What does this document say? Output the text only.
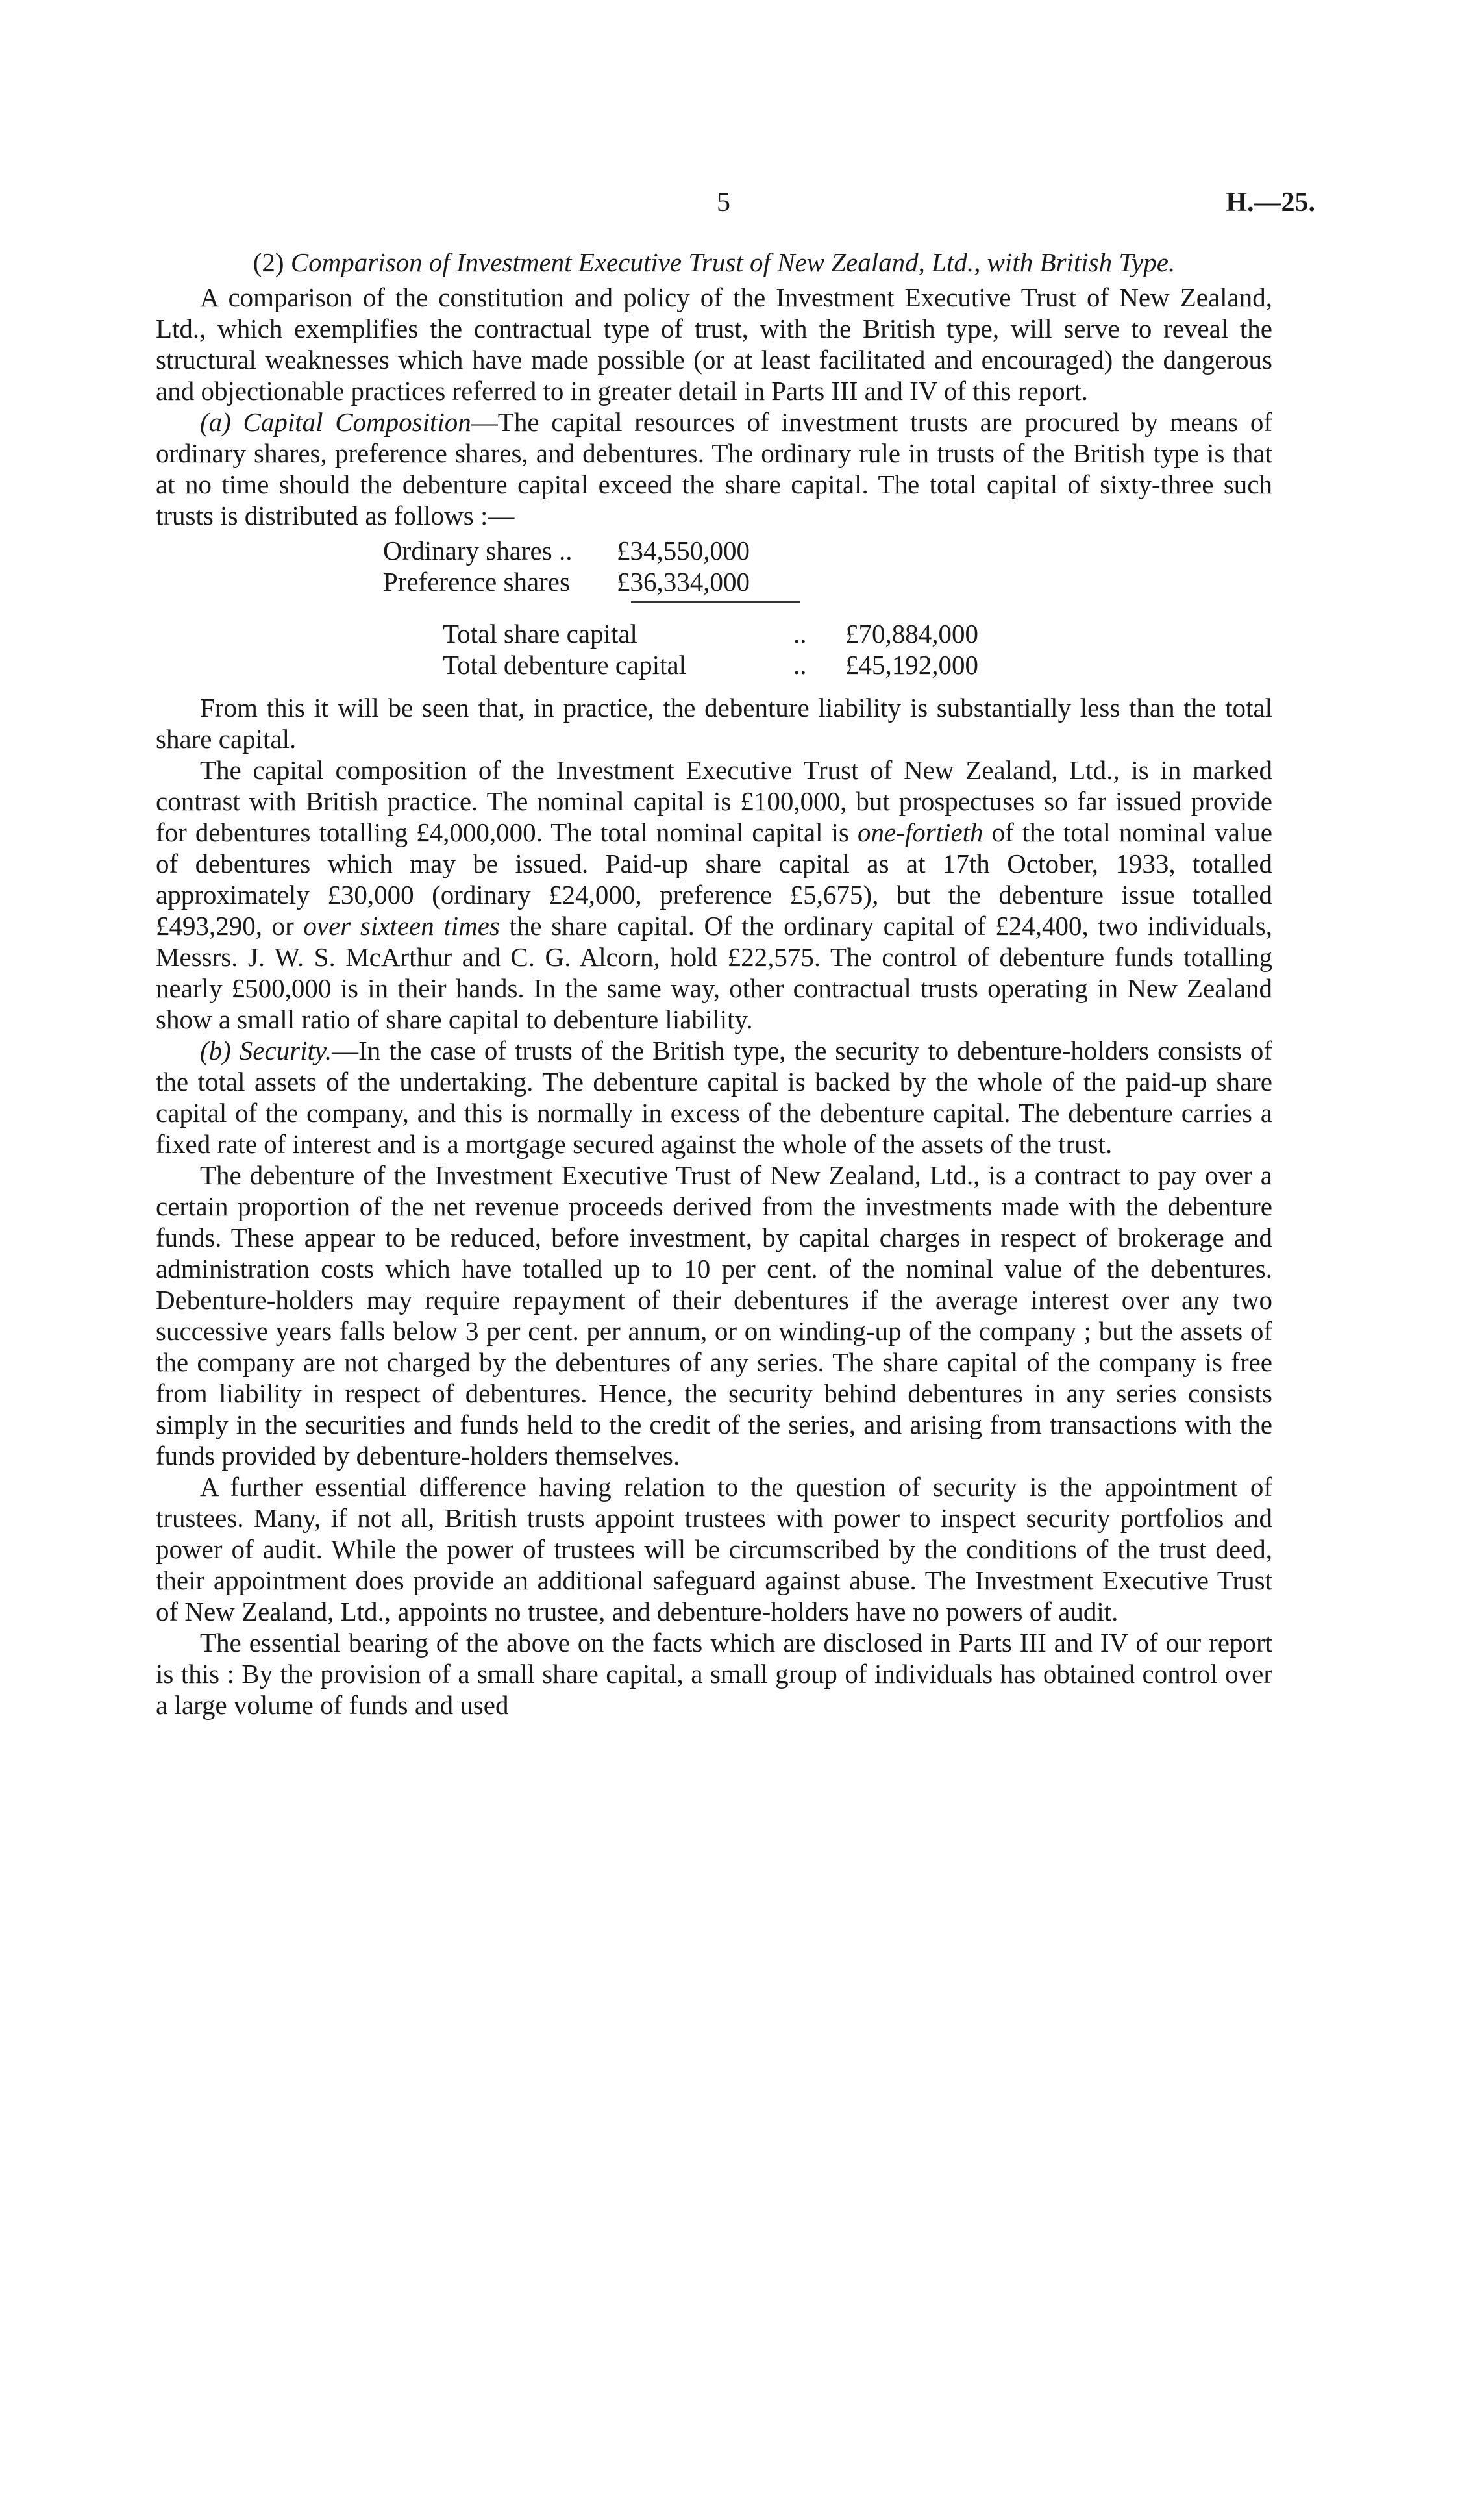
5	H.—25.
(2) Comparison of Investment Executive Trust of New Zealand, Ltd., with British Type.

A comparison of the constitution and policy of the Investment Executive Trust of New Zealand, Ltd., which exemplifies the contractual type of trust, with the British type, will serve to reveal the structural weaknesses which have made possible (or at least facilitated and encouraged) the dangerous and objectionable practices referred to in greater detail in Parts III and IV of this report.

(a) Capital Composition—The capital resources of investment trusts are procured by means of ordinary shares, preference shares, and debentures. The ordinary rule in trusts of the British type is that at no time should the debenture capital exceed the share capital. The total capital of sixty-three such trusts is distributed as follows :—

Ordinary shares ..	£34,550,000
Preference shares	£36,334,000
Total share capital	..	£70,884,000
Total debenture capital	..	£45,192,000

From this it will be seen that, in practice, the debenture liability is substantially less than the total share capital.

The capital composition of the Investment Executive Trust of New Zealand, Ltd., is in marked contrast with British practice. The nominal capital is £100,000, but prospectuses so far issued provide for debentures totalling £4,000,000. The total nominal capital is one-fortieth of the total nominal value of debentures which may be issued. Paid-up share capital as at 17th October, 1933, totalled approximately £30,000 (ordinary £24,000, preference £5,675), but the debenture issue totalled £493,290, or over sixteen times the share capital. Of the ordinary capital of £24,400, two individuals, Messrs. J. W. S. McArthur and C. G. Alcorn, hold £22,575. The control of debenture funds totalling nearly £500,000 is in their hands. In the same way, other contractual trusts operating in New Zealand show a small ratio of share capital to debenture liability.

(b) Security.—In the case of trusts of the British type, the security to debenture-holders consists of the total assets of the undertaking. The debenture capital is backed by the whole of the paid-up share capital of the company, and this is normally in excess of the debenture capital. The debenture carries a fixed rate of interest and is a mortgage secured against the whole of the assets of the trust.

The debenture of the Investment Executive Trust of New Zealand, Ltd., is a contract to pay over a certain proportion of the net revenue proceeds derived from the investments made with the debenture funds. These appear to be reduced, before investment, by capital charges in respect of brokerage and administration costs which have totalled up to 10 per cent. of the nominal value of the debentures. Debenture-holders may require repayment of their debentures if the average interest over any two successive years falls below 3 per cent. per annum, or on winding-up of the company ; but the assets of the company are not charged by the debentures of any series. The share capital of the company is free from liability in respect of debentures. Hence, the security behind debentures in any series consists simply in the securities and funds held to the credit of the series, and arising from transactions with the funds provided by debenture-holders themselves.

A further essential difference having relation to the question of security is the appointment of trustees. Many, if not all, British trusts appoint trustees with power to inspect security portfolios and power of audit. While the power of trustees will be circumscribed by the conditions of the trust deed, their appointment does provide an additional safeguard against abuse. The Investment Executive Trust of New Zealand, Ltd., appoints no trustee, and debenture-holders have no powers of audit.

The essential bearing of the above on the facts which are disclosed in Parts III and IV of our report is this : By the provision of a small share capital, a small group of individuals has obtained control over a large volume of funds and used
